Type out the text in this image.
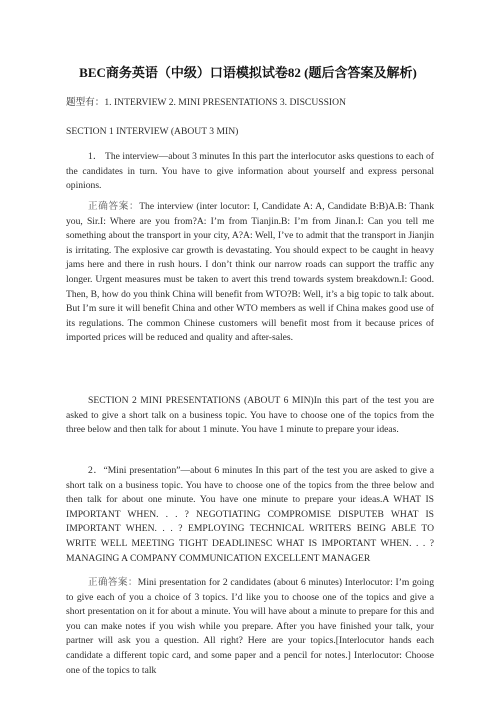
BEC商务英语（中级）口语模拟试卷82 (题后含答案及解析)

题型有：1. INTERVIEW 2. MINI PRESENTATIONS 3. DISCUSSION

SECTION 1 INTERVIEW (ABOUT 3 MIN)

1． The interview—about 3 minutes In this part the interlocutor asks questions to each of the candidates in turn. You have to give information about yourself and express personal opinions.

正确答案：The interview (inter locutor: I, Candidate A: A, Candidate B:B)A.B: Thank you, Sir.I: Where are you from?A: I’m from Tianjin.B: I’m from Jinan.I: Can you tell me something about the transport in your city, A?A: Well, I’ve to admit that the transport in Jianjin is irritating. The explosive car growth is devastating. You should expect to be caught in heavy jams here and there in rush hours. I don’t think our narrow roads can support the traffic any longer. Urgent measures must be taken to avert this trend towards system breakdown.I: Good. Then, B, how do you think China will benefit from WTO?B: Well, it’s a big topic to talk about. But I’m sure it will benefit China and other WTO members as well if China makes good use of its regulations. The common Chinese customers will benefit most from it because prices of imported prices will be reduced and quality and after-sales.

SECTION 2 MINI PRESENTATIONS (ABOUT 6 MIN)In this part of the test you are asked to give a short talk on a business topic. You have to choose one of the topics from the three below and then talk for about 1 minute. You have 1 minute to prepare your ideas.

2．“Mini presentation”—about 6 minutes In this part of the test you are asked to give a short talk on a business topic. You have to choose one of the topics from the three below and then talk for about one minute. You have one minute to prepare your ideas.A WHAT IS IMPORTANT WHEN. . . ? NEGOTIATING COMPROMISE DISPUTEB WHAT IS IMPORTANT WHEN. . . ? EMPLOYING TECHNICAL WRITERS BEING ABLE TO WRITE WELL MEETING TIGHT DEADLINESC WHAT IS IMPORTANT WHEN. . . ? MANAGING A COMPANY COMMUNICATION EXCELLENT MANAGER

正确答案：Mini presentation for 2 candidates (about 6 minutes) Interlocutor: I’m going to give each of you a choice of 3 topics. I’d like you to choose one of the topics and give a short presentation on it for about a minute. You will have about a minute to prepare for this and you can make notes if you wish while you prepare. After you have finished your talk, your partner will ask you a question. All right? Here are your topics.[Interlocutor hands each candidate a different topic card, and some paper and a pencil for notes.] Interlocutor: Choose one of the topics to talk
